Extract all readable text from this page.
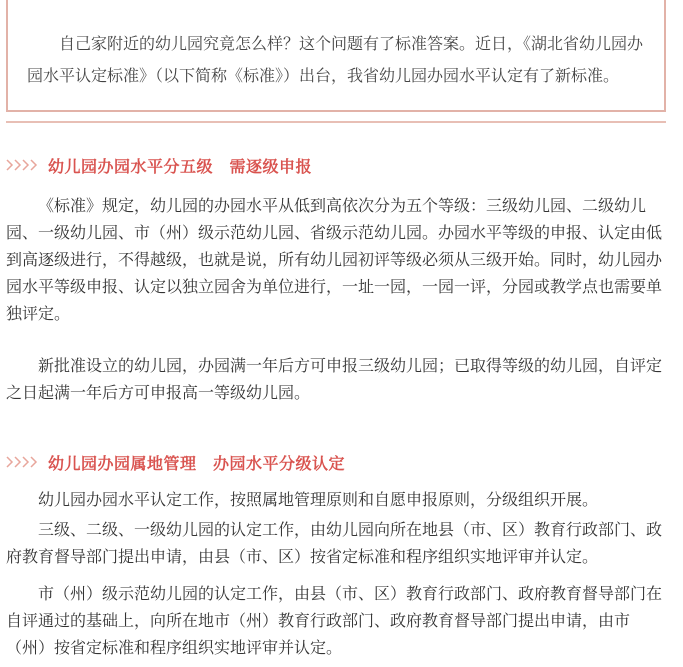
自己家附近的幼儿园究竟怎么样？这个问题有了标准答案。近日，《湖北省幼儿园办园水平认定标准》（以下简称《标准》）出台，我省幼儿园办园水平认定有了新标准。

幼儿园办园水平分五级　需逐级申报

《标准》规定，幼儿园的办园水平从低到高依次分为五个等级：三级幼儿园、二级幼儿园、一级幼儿园、市（州）级示范幼儿园、省级示范幼儿园。办园水平等级的申报、认定由低到高逐级进行，不得越级，也就是说，所有幼儿园初评等级必须从三级开始。同时，幼儿园办园水平等级申报、认定以独立园舍为单位进行，一址一园，一园一评，分园或教学点也需要单独评定。

新批准设立的幼儿园，办园满一年后方可申报三级幼儿园；已取得等级的幼儿园，自评定之日起满一年后方可申报高一等级幼儿园。

幼儿园办园属地管理　办园水平分级认定

幼儿园办园水平认定工作，按照属地管理原则和自愿申报原则，分级组织开展。

三级、二级、一级幼儿园的认定工作，由幼儿园向所在地县（市、区）教育行政部门、政府教育督导部门提出申请，由县（市、区）按省定标准和程序组织实地评审并认定。

市（州）级示范幼儿园的认定工作，由县（市、区）教育行政部门、政府教育督导部门在自评通过的基础上，向所在地市（州）教育行政部门、政府教育督导部门提出申请，由市（州）按省定标准和程序组织实地评审并认定。
